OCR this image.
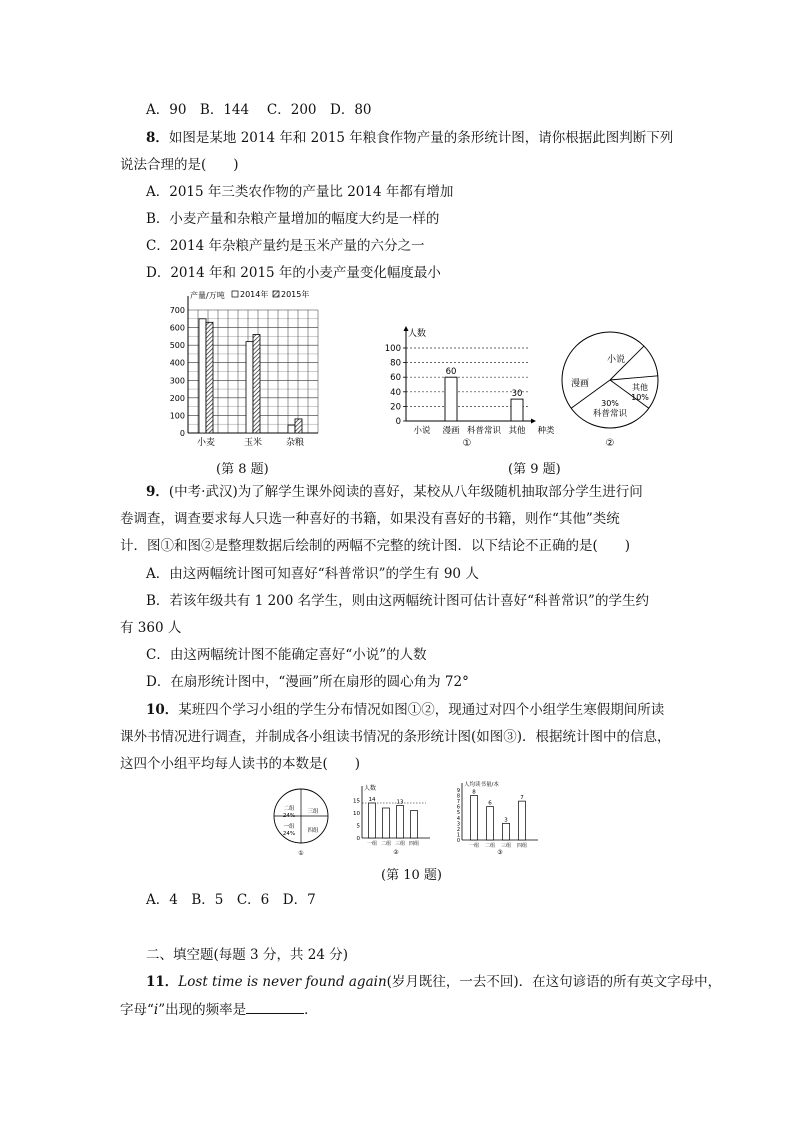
A．90　B．144　 C．200　D．80
8．如图是某地 2014 年和 2015 年粮食作物产量的条形统计图，请你根据此图判断下列
说法合理的是(　　)
A．2015 年三类农作物的产量比 2014 年都有增加
B．小麦产量和杂粮产量增加的幅度大约是一样的
C．2014 年杂粮产量约是玉米产量的六分之一
D．2014 年和 2015 年的小麦产量变化幅度最小
0
100
200
300
400
500
600
700
产量/万吨 2014年 2015年
小麦	玉米	杂粮
(第 8 题)
0
20
40
60
80
100
人数
小说 漫画
60
科普常识 其他
30
种类
①
小说
漫画	其他
10%
30%
科普常识
②
(第 9 题)
9．(中考·武汉)为了解学生课外阅读的喜好，某校从八年级随机抽取部分学生进行问
卷调查，调查要求每人只选一种喜好的书籍，如果没有喜好的书籍，则作“其他”类统
计．图①和图②是整理数据后绘制的两幅不完整的统计图．以下结论不正确的是(　　)
A．由这两幅统计图可知喜好“科普常识”的学生有 90 人
B．若该年级共有 1 200 名学生，则由这两幅统计图可估计喜好“科普常识”的学生约
有 360 人
C．由这两幅统计图不能确定喜好“小说”的人数
D．在扇形统计图中，“漫画”所在扇形的圆心角为 72°
10．某班四个学习小组的学生分布情况如图①②，现通过对四个小组学生寒假期间所读
课外书情况进行调查，并制成各小组读书情况的条形统计图(如图③)．根据统计图中的信息，
这四个小组平均每人读书的本数是(　　)
二组
24%
一组
24%
三组
四组
①
人数
0
5
10
15
一组
14
二组 三组
13
四组
②
人均读书量/本
0
1
2
3
4
5
6
7
8
9
一组
8
二组
6
三组
3
四组
7
③
(第 10 题)
A．4　B．5　C．6　D．7
二、填空题(每题 3 分，共 24 分)
11．Lost time is never found again(岁月既往，一去不回)．在这句谚语的所有英文字母中，
字母“i”出现的频率是	．
